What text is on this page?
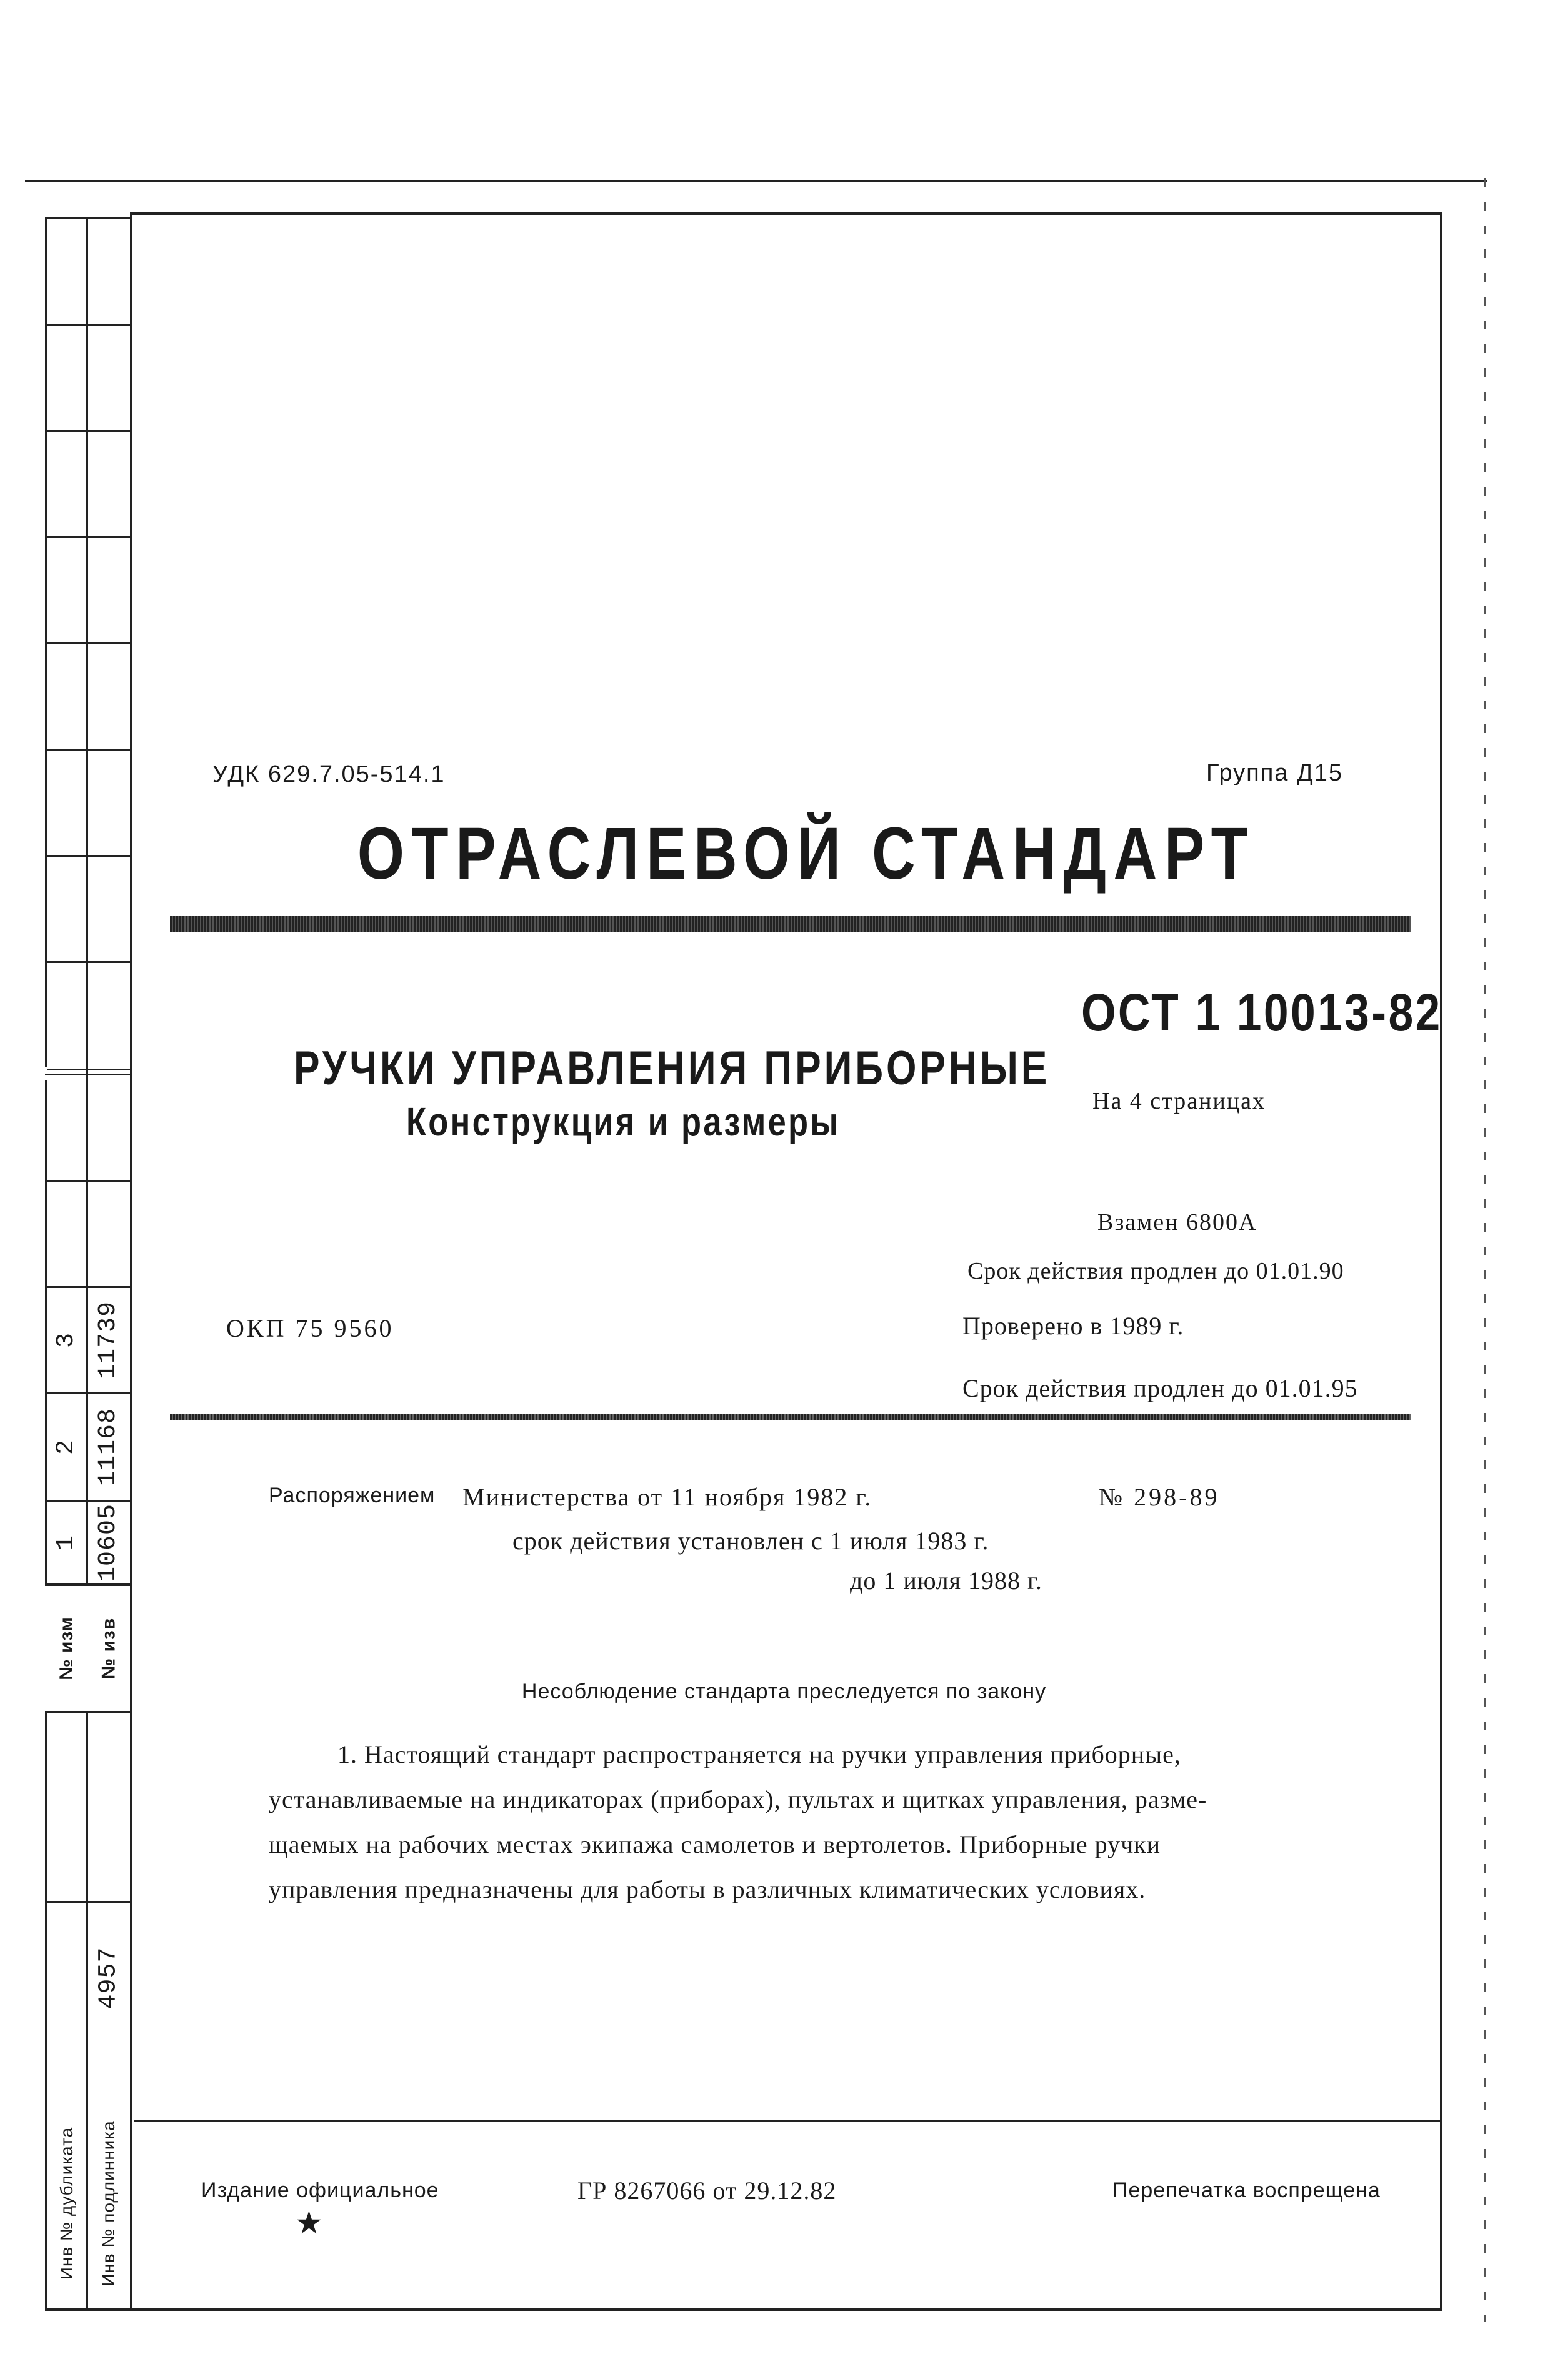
3 11739
2 11168
1 10605
№ изм № изв
4957
Инв № дубликата Инв № подлинника
УДК 629.7.05-514.1	Группа Д15
ОТРАСЛЕВОЙ СТАНДАРТ
ОСТ 1 10013-82
РУЧКИ УПРАВЛЕНИЯ ПРИБОРНЫЕ
Конструкция и размеры	На 4 страницах
Взамен 6800А
Срок действия продлен до 01.01.90
ОКП 75 9560	Проверено в 1989 г.
Срок действия продлен до 01.01.95
Распоряжением Министерства от 11 ноября 1982 г.	№ 298-89
срок действия установлен с 1 июля 1983 г.
до 1 июля 1988 г.
Несоблюдение стандарта преследуется по закону

1. Настоящий стандарт распространяется на ручки управления приборные,

устанавливаемые на индикаторах (приборах), пультах и щитках управления, разме-

щаемых на рабочих местах экипажа самолетов и вертолетов. Приборные ручки

управления предназначены для работы в различных климатических условиях.

Издание официальное
★
ГР 8267066 от 29.12.82	Перепечатка воспрещена
